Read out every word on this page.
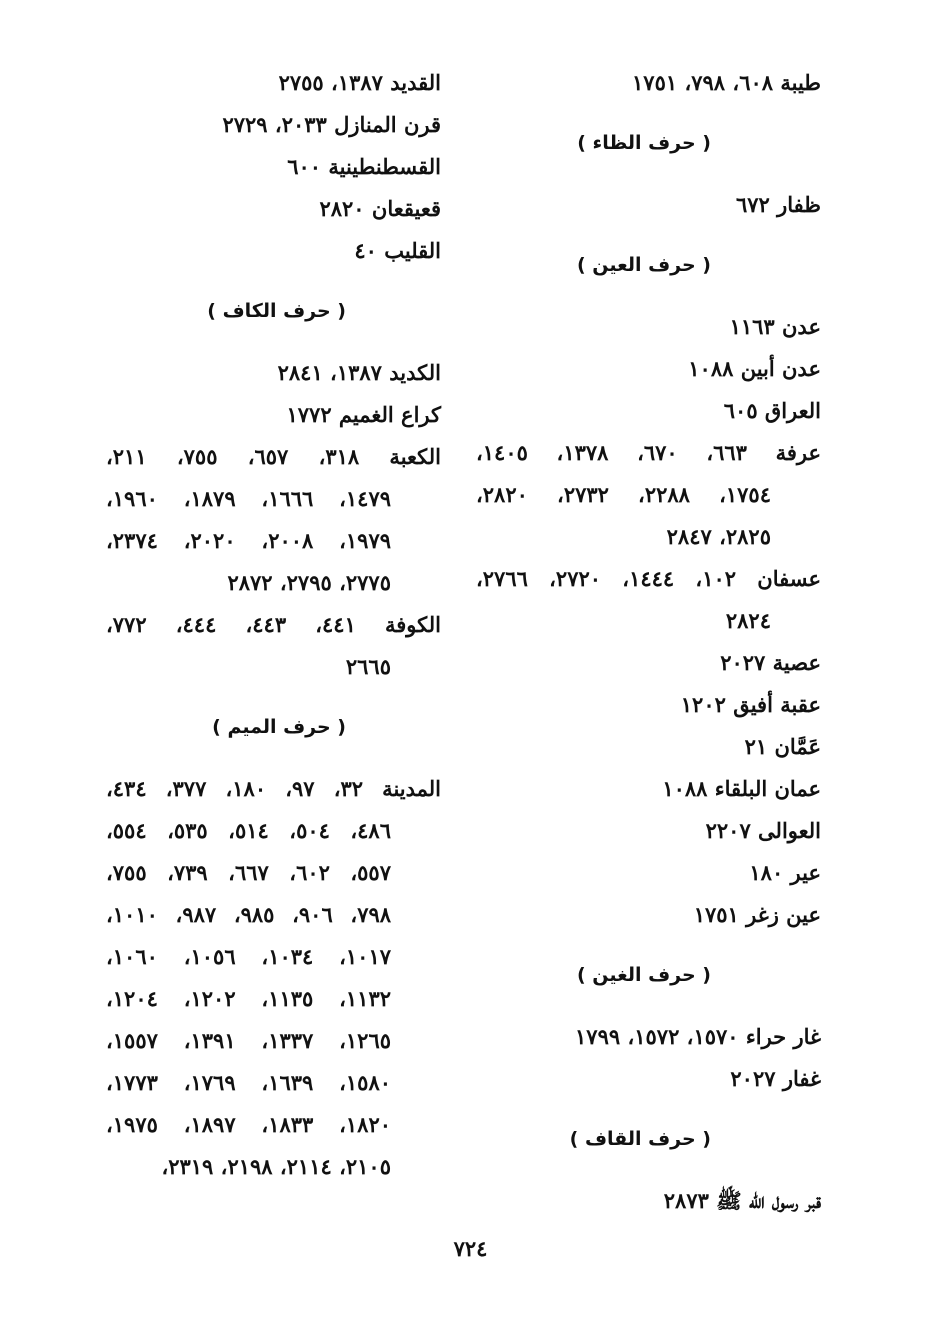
طيبة ٦٠٨، ٧٩٨، ١٧٥١
( حرف الظاء )
ظفار ٦٧٢
( حرف العين )
عدن ١١٦٣
عدن أبين ١٠٨٨
العراق ٦٠٥
عرفة ٦٦٣، ٦٧٠، ١٣٧٨، ١٤٠٥،
١٧٥٤، ٢٢٨٨، ٢٧٣٢، ٢٨٢٠،
٢٨٢٥، ٢٨٤٧
عسفان ١٠٢، ١٤٤٤، ٢٧٢٠، ٢٧٦٦،
٢٨٢٤
عصية ٢٠٢٧
عقبة أفيق ١٢٠٢
عَمَّان ٢١
عمان البلقاء ١٠٨٨
العوالى ٢٢٠٧
عير ١٨٠
عين زغر ١٧٥١
( حرف الغين )
غار حراء ١٥٧٠، ١٥٧٢، ١٧٩٩
غفار ٢٠٢٧
( حرف القاف )
قبر رسول الله ﷺ ٢٨٧٣
القديد ١٣٨٧، ٢٧٥٥
قرن المنازل ٢٠٣٣، ٢٧٢٩
القسطنطينية ٦٠٠
قعيقعان ٢٨٢٠
القليب ٤٠
( حرف الكاف )
الكديد ١٣٨٧، ٢٨٤١
كراع الغميم ١٧٧٢
الكعبة ٣١٨، ٦٥٧، ٧٥٥، ٢١١،
١٤٧٩، ١٦٦٦، ١٨٧٩، ١٩٦٠،
١٩٧٩، ٢٠٠٨، ٢٠٢٠، ٢٣٧٤،
٢٧٧٥، ٢٧٩٥، ٢٨٧٢
الكوفة ٤٤١، ٤٤٣، ٤٤٤، ٧٧٢،
٢٦٦٥
( حرف الميم )
المدينة ٣٢، ٩٧، ١٨٠، ٣٧٧، ٤٣٤،
٤٨٦، ٥٠٤، ٥١٤، ٥٣٥، ٥٥٤،
٥٥٧، ٦٠٢، ٦٦٧، ٧٣٩، ٧٥٥،
٧٩٨، ٩٠٦، ٩٨٥، ٩٨٧، ١٠١٠،
١٠١٧، ١٠٣٤، ١٠٥٦، ١٠٦٠،
١١٣٢، ١١٣٥، ١٢٠٢، ١٢٠٤،
١٢٦٥، ١٣٣٧، ١٣٩١، ١٥٥٧،
١٥٨٠، ١٦٣٩، ١٧٦٩، ١٧٧٣،
١٨٢٠، ١٨٣٣، ١٨٩٧، ١٩٧٥،
٢١٠٥، ٢١١٤، ٢١٩٨، ٢٣١٩،
٧٢٤
